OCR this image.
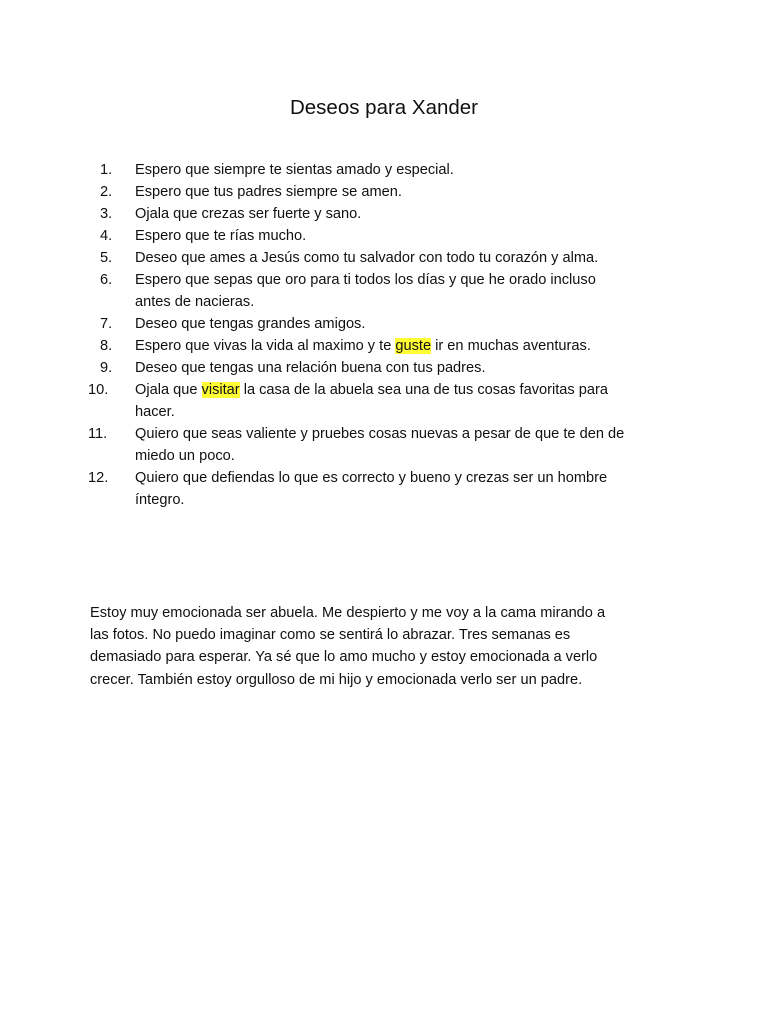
Deseos para Xander
1.	Espero que siempre te sientas amado y especial.
2.	Espero que tus padres siempre se amen.
3.	Ojala que crezas ser fuerte y sano.
4.	Espero que te rías mucho.
5.	Deseo que ames a Jesús como tu salvador con todo tu corazón y alma.
6.	Espero que sepas que oro para ti todos los días y que he orado incluso
antes de nacieras.
7.	Deseo que tengas grandes amigos.
8.	Espero que vivas la vida al maximo y te guste ir en muchas aventuras.
9.	Deseo que tengas una relación buena con tus padres.
10.	Ojala que visitar la casa de la abuela sea una de tus cosas favoritas para
hacer.
11.	Quiero que seas valiente y pruebes cosas nuevas a pesar de que te den de
miedo un poco.
12.	Quiero que defiendas lo que es correcto y bueno y crezas ser un hombre
íntegro.

Estoy muy emocionada ser abuela. Me despierto y me voy a la cama mirando a
las fotos. No puedo imaginar como se sentirá lo abrazar. Tres semanas es
demasiado para esperar. Ya sé que lo amo mucho y estoy emocionada a verlo
crecer. También estoy orgulloso de mi hijo y emocionada verlo ser un padre.
